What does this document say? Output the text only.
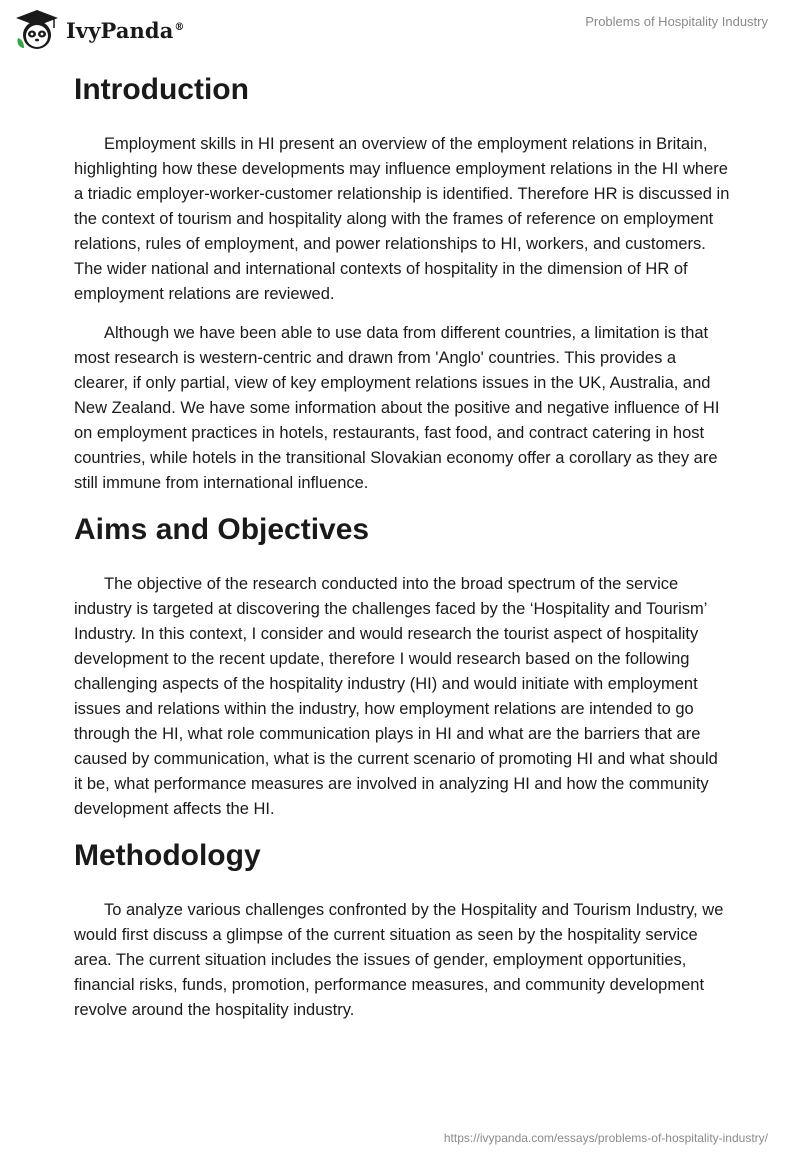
IvyPanda®	Problems of Hospitality Industry
Introduction

Employment skills in HI present an overview of the employment relations in Britain, highlighting how these developments may influence employment relations in the HI where a triadic employer-worker-customer relationship is identified. Therefore HR is discussed in the context of tourism and hospitality along with the frames of reference on employment relations, rules of employment, and power relationships to HI, workers, and customers. The wider national and international contexts of hospitality in the dimension of HR of employment relations are reviewed.

Although we have been able to use data from different countries, a limitation is that most research is western-centric and drawn from 'Anglo' countries. This provides a clearer, if only partial, view of key employment relations issues in the UK, Australia, and New Zealand. We have some information about the positive and negative influence of HI on employment practices in hotels, restaurants, fast food, and contract catering in host countries, while hotels in the transitional Slovakian economy offer a corollary as they are still immune from international influence.

Aims and Objectives

The objective of the research conducted into the broad spectrum of the service industry is targeted at discovering the challenges faced by the ‘Hospitality and Tourism’ Industry. In this context, I consider and would research the tourist aspect of hospitality development to the recent update, therefore I would research based on the following challenging aspects of the hospitality industry (HI) and would initiate with employment issues and relations within the industry, how employment relations are intended to go through the HI, what role communication plays in HI and what are the barriers that are caused by communication, what is the current scenario of promoting HI and what should it be, what performance measures are involved in analyzing HI and how the community development affects the HI.

Methodology

To analyze various challenges confronted by the Hospitality and Tourism Industry, we would first discuss a glimpse of the current situation as seen by the hospitality service area. The current situation includes the issues of gender, employment opportunities, financial risks, funds, promotion, performance measures, and community development revolve around the hospitality industry.

https://ivypanda.com/essays/problems-of-hospitality-industry/
